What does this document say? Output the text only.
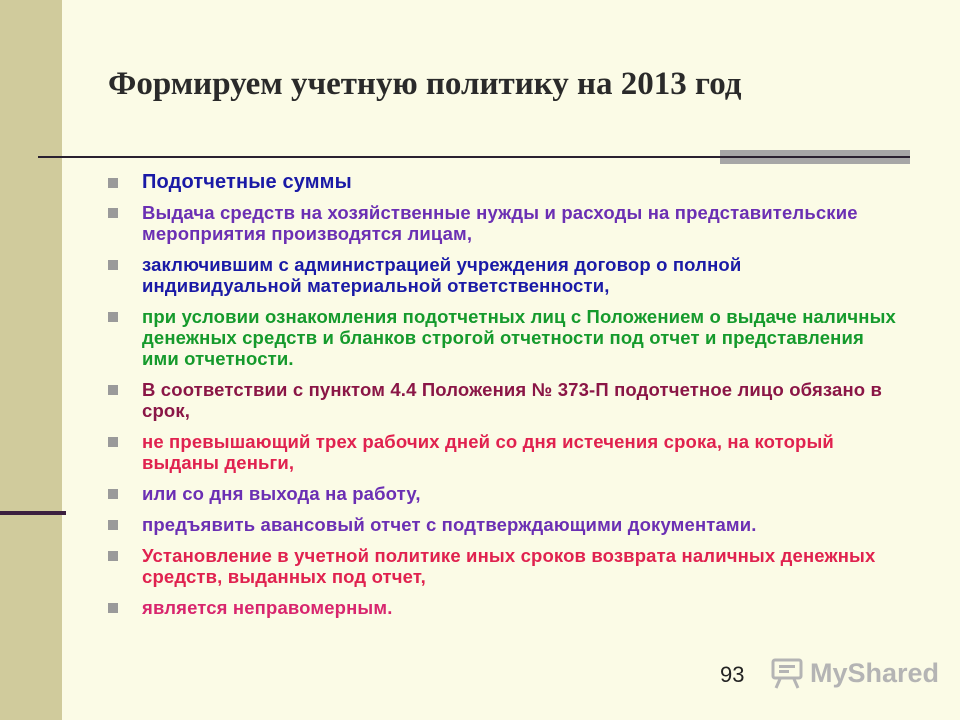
Формируем учетную политику на 2013 год
Подотчетные суммы
Выдача средств на хозяйственные нужды и расходы на представительские мероприятия производятся лицам,
заключившим с администрацией учреждения договор о полной индивидуальной материальной ответственности,
при условии ознакомления подотчетных лиц с Положением о выдаче наличных денежных средств и бланков строгой отчетности под отчет и представления ими отчетности.
В соответствии с пунктом 4.4 Положения № 373-П подотчетное лицо обязано в срок,
не превышающий трех рабочих дней со дня истечения срока, на который выданы деньги,
или со дня выхода на работу,
предъявить авансовый отчет с подтверждающими документами.
Установление в учетной политике иных сроков возврата наличных денежных средств, выданных под отчет,
является неправомерным.
93 MyShared
